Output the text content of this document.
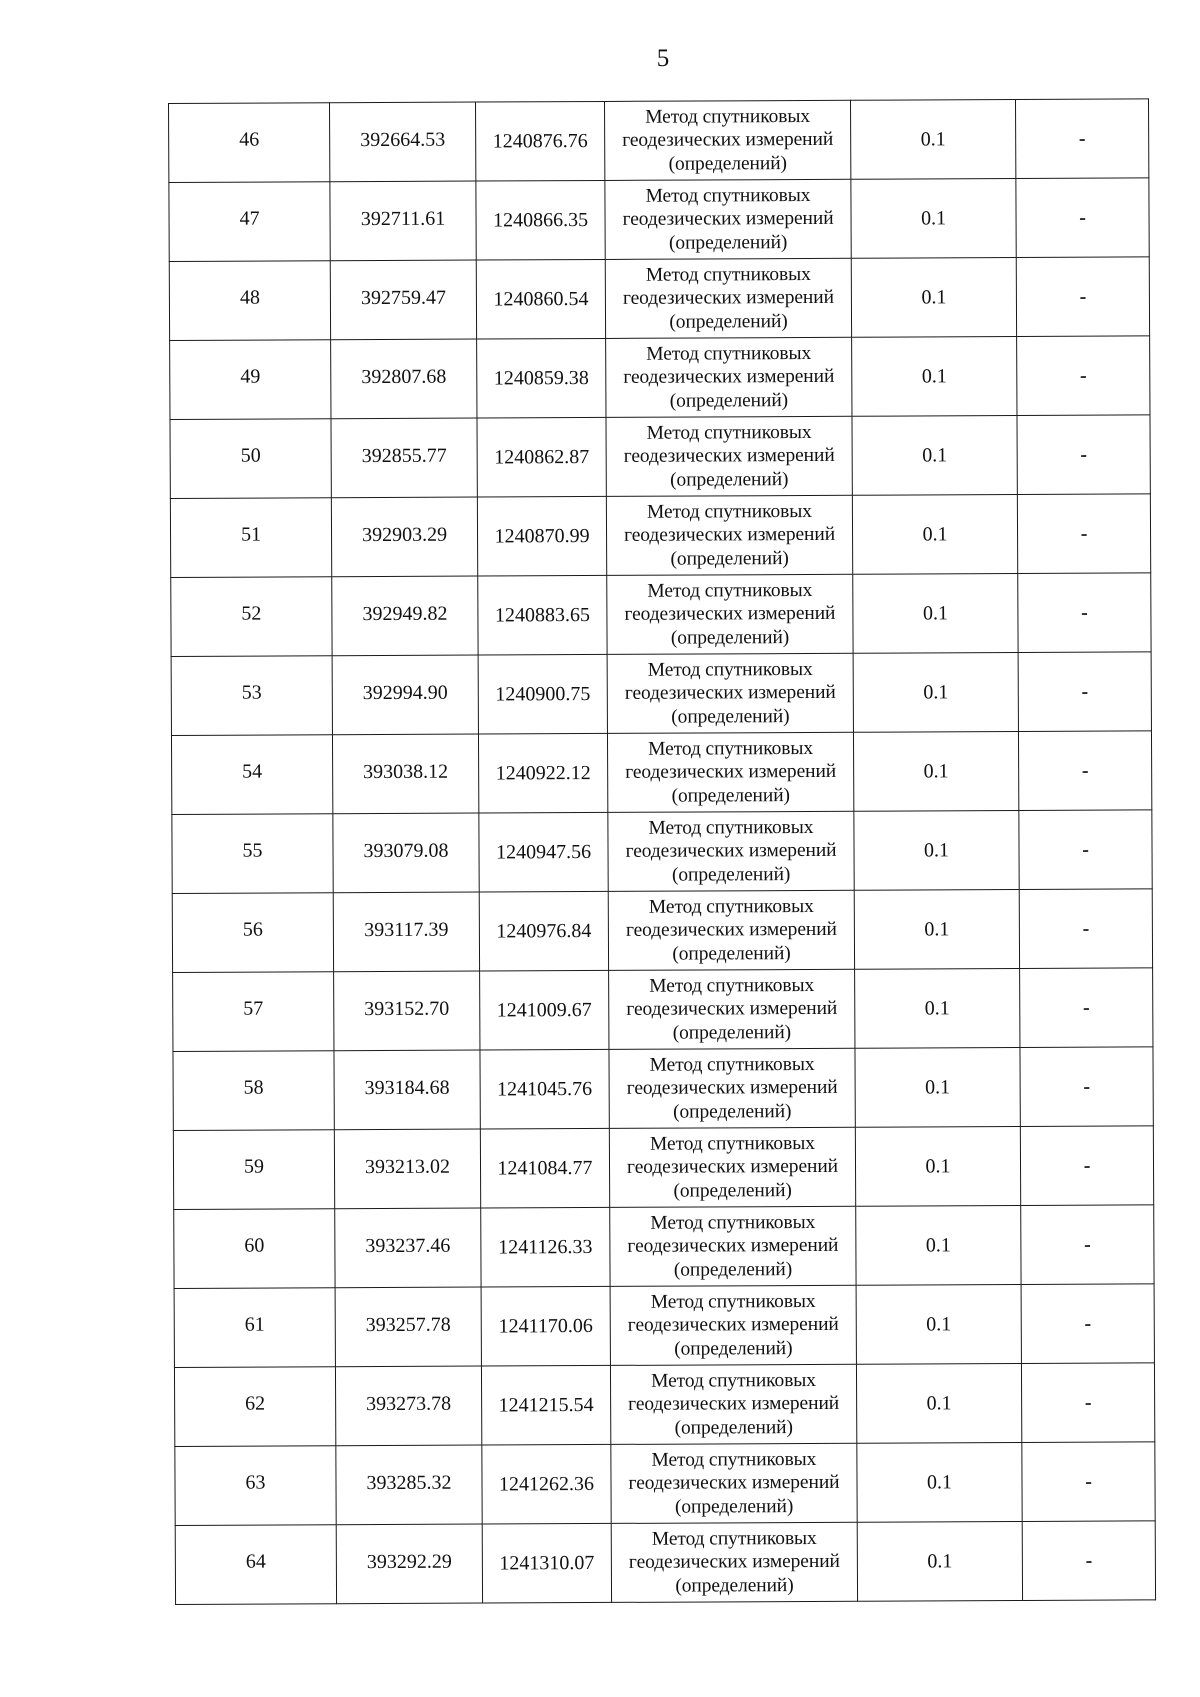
5
46	392664.53	1240876.76	Метод спутниковых
геодезических измерений
(определений)	0.1	-
47	392711.61	1240866.35	Метод спутниковых
геодезических измерений
(определений)	0.1	-
48	392759.47	1240860.54	Метод спутниковых
геодезических измерений
(определений)	0.1	-
49	392807.68	1240859.38	Метод спутниковых
геодезических измерений
(определений)	0.1	-
50	392855.77	1240862.87	Метод спутниковых
геодезических измерений
(определений)	0.1	-
51	392903.29	1240870.99	Метод спутниковых
геодезических измерений
(определений)	0.1	-
52	392949.82	1240883.65	Метод спутниковых
геодезических измерений
(определений)	0.1	-
53	392994.90	1240900.75	Метод спутниковых
геодезических измерений
(определений)	0.1	-
54	393038.12	1240922.12	Метод спутниковых
геодезических измерений
(определений)	0.1	-
55	393079.08	1240947.56	Метод спутниковых
геодезических измерений
(определений)	0.1	-
56	393117.39	1240976.84	Метод спутниковых
геодезических измерений
(определений)	0.1	-
57	393152.70	1241009.67	Метод спутниковых
геодезических измерений
(определений)	0.1	-
58	393184.68	1241045.76	Метод спутниковых
геодезических измерений
(определений)	0.1	-
59	393213.02	1241084.77	Метод спутниковых
геодезических измерений
(определений)	0.1	-
60	393237.46	1241126.33	Метод спутниковых
геодезических измерений
(определений)	0.1	-
61	393257.78	1241170.06	Метод спутниковых
геодезических измерений
(определений)	0.1	-
62	393273.78	1241215.54	Метод спутниковых
геодезических измерений
(определений)	0.1	-
63	393285.32	1241262.36	Метод спутниковых
геодезических измерений
(определений)	0.1	-
64	393292.29	1241310.07	Метод спутниковых
геодезических измерений
(определений)	0.1	-
